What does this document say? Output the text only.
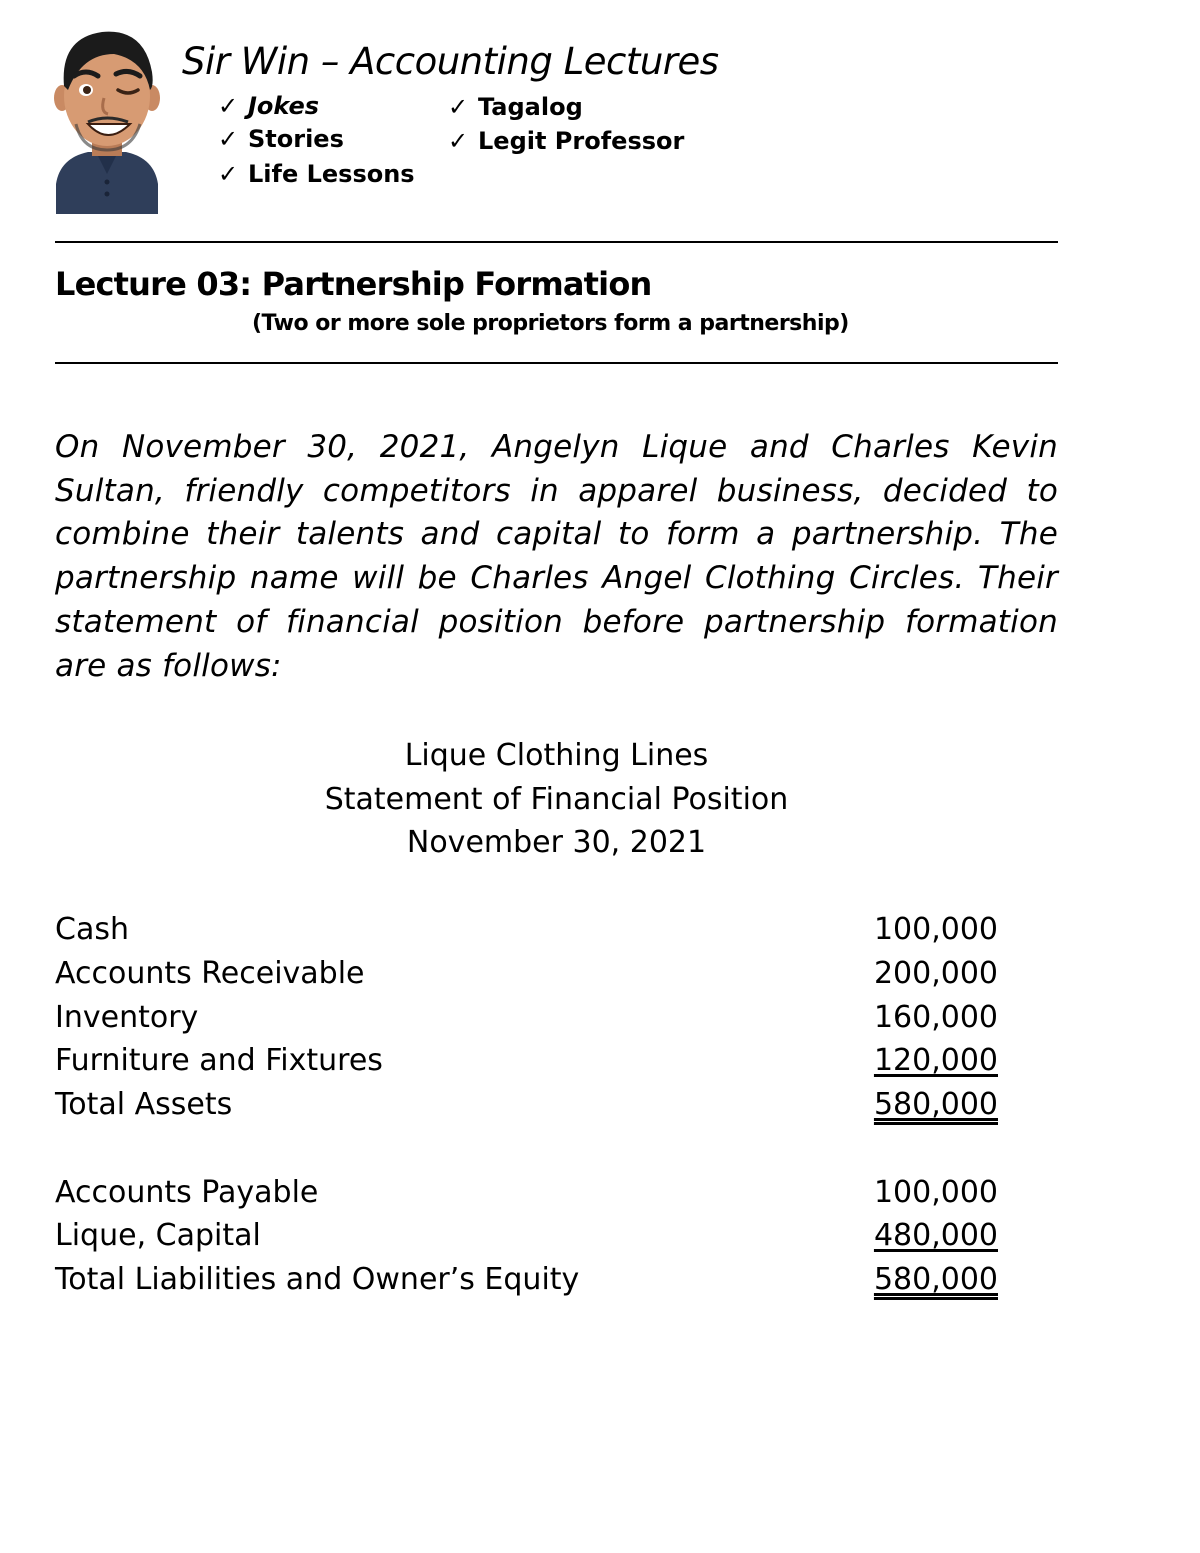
Sir Win – Accounting Lectures
✓ Jokes
✓ Stories
✓ Life Lessons
✓ Tagalog
✓ Legit Professor
Lecture 03: Partnership Formation
(Two or more sole proprietors form a partnership)
On November 30, 2021, Angelyn Lique and Charles Kevin Sultan, friendly competitors in apparel business, decided to combine their talents and capital to form a partnership. The partnership name will be Charles Angel Clothing Circles. Their statement of financial position before partnership formation are as follows:
Lique Clothing Lines
Statement of Financial Position
November 30, 2021
Cash	100,000
Accounts Receivable	200,000
Inventory	160,000
Furniture and Fixtures	120,000
Total Assets	580,000
Accounts Payable	100,000
Lique, Capital	480,000
Total Liabilities and Owner’s Equity	580,000
